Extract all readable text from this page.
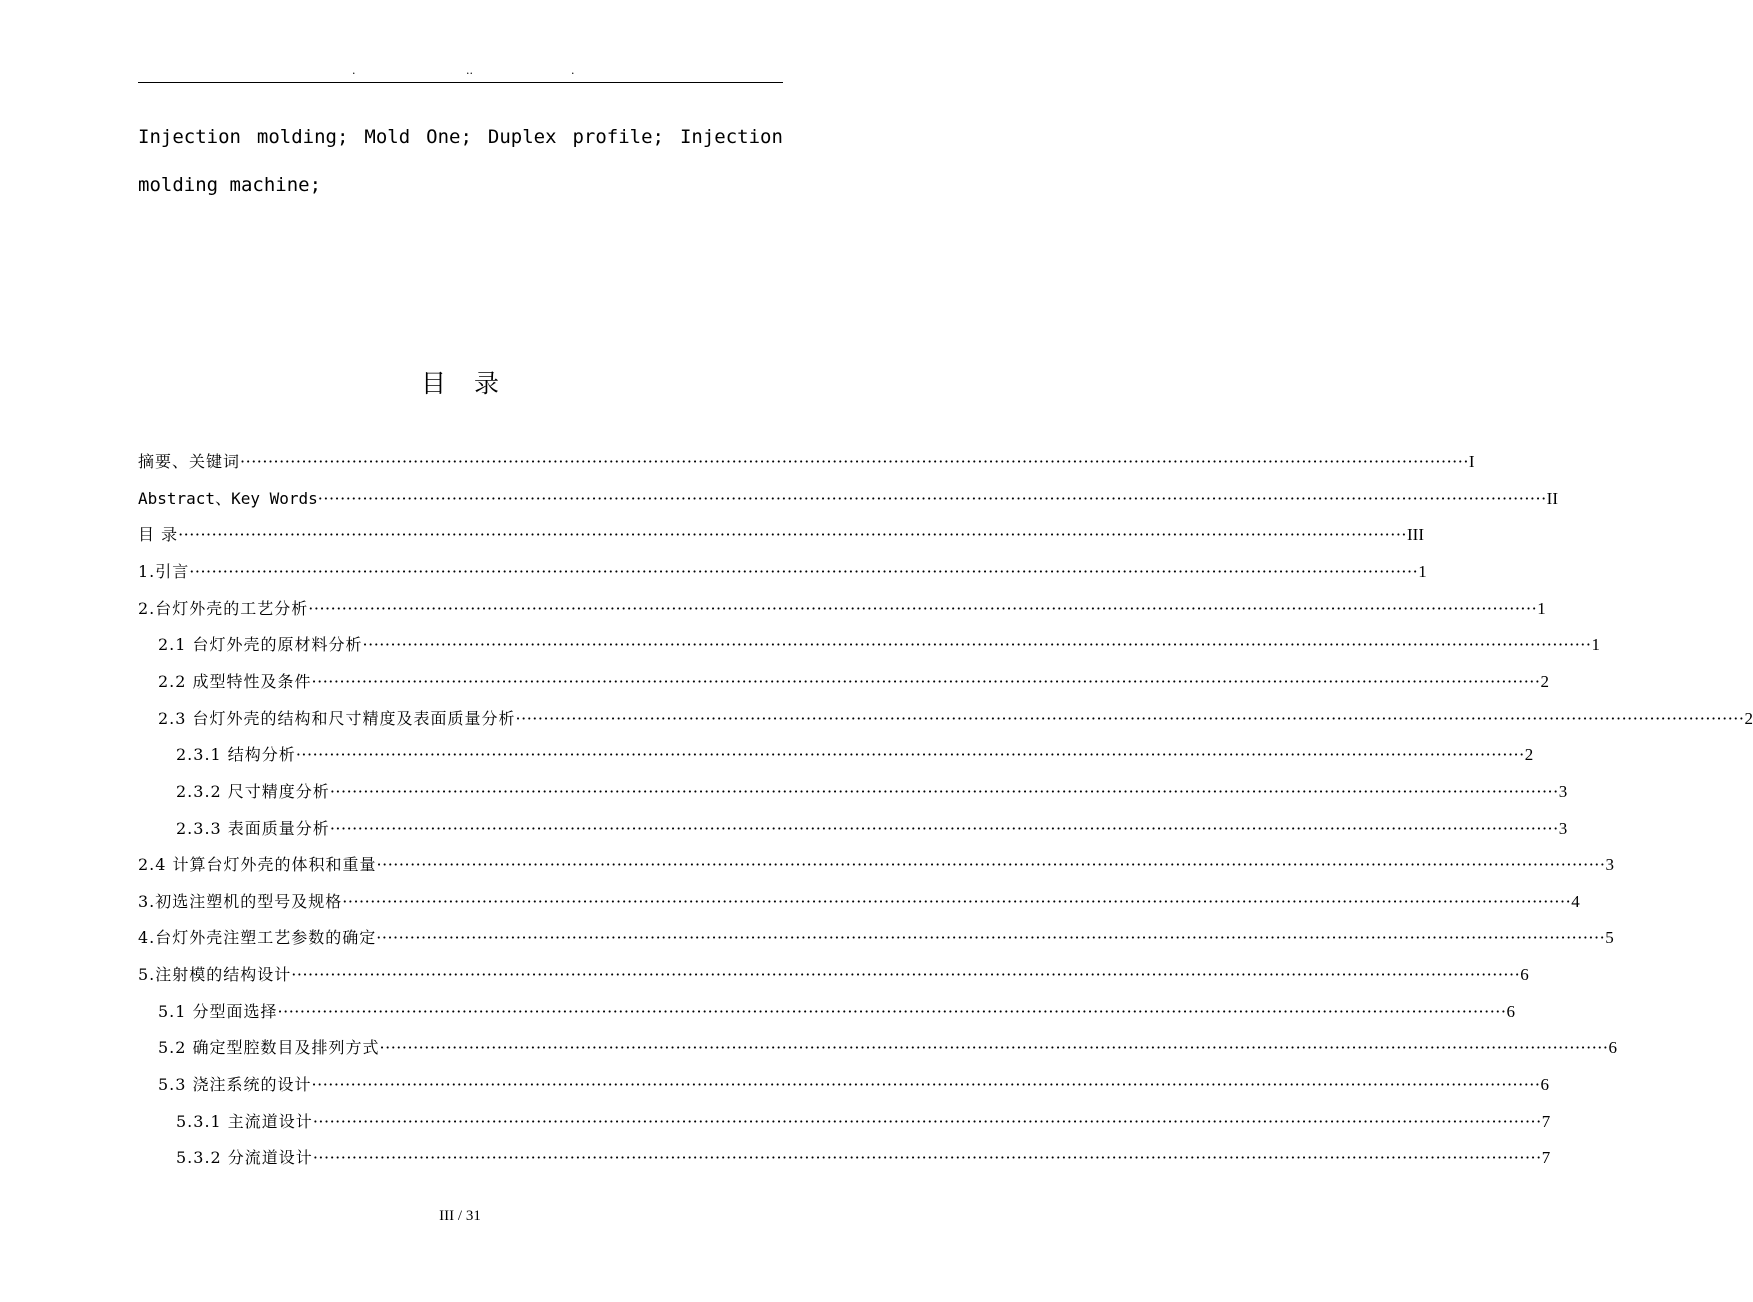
.	..	.
Injection molding; Mold One; Duplex profile; Injection
molding machine;
目录
摘要、关键词 ···························································································································································································································· I
Abstract、Key Words ···························································································································································································································· II
目 录 ···························································································································································································································· III
1.引言 ···························································································································································································································· 1
2.台灯外壳的工艺分析 ···························································································································································································································· 1
2.1 台灯外壳的原材料分析 ···························································································································································································································· 1
2.2 成型特性及条件 ···························································································································································································································· 2
2.3 台灯外壳的结构和尺寸精度及表面质量分析 ···························································································································································································································· 2
2.3.1 结构分析 ···························································································································································································································· 2
2.3.2 尺寸精度分析 ···························································································································································································································· 3
2.3.3 表面质量分析 ···························································································································································································································· 3
2.4 计算台灯外壳的体积和重量 ···························································································································································································································· 3
3.初选注塑机的型号及规格 ···························································································································································································································· 4
4.台灯外壳注塑工艺参数的确定 ···························································································································································································································· 5
5.注射模的结构设计 ···························································································································································································································· 6
5.1 分型面选择 ···························································································································································································································· 6
5.2 确定型腔数目及排列方式 ···························································································································································································································· 6
5.3 浇注系统的设计 ···························································································································································································································· 6
5.3.1 主流道设计 ···························································································································································································································· 7
5.3.2 分流道设计 ···························································································································································································································· 7
III / 31
